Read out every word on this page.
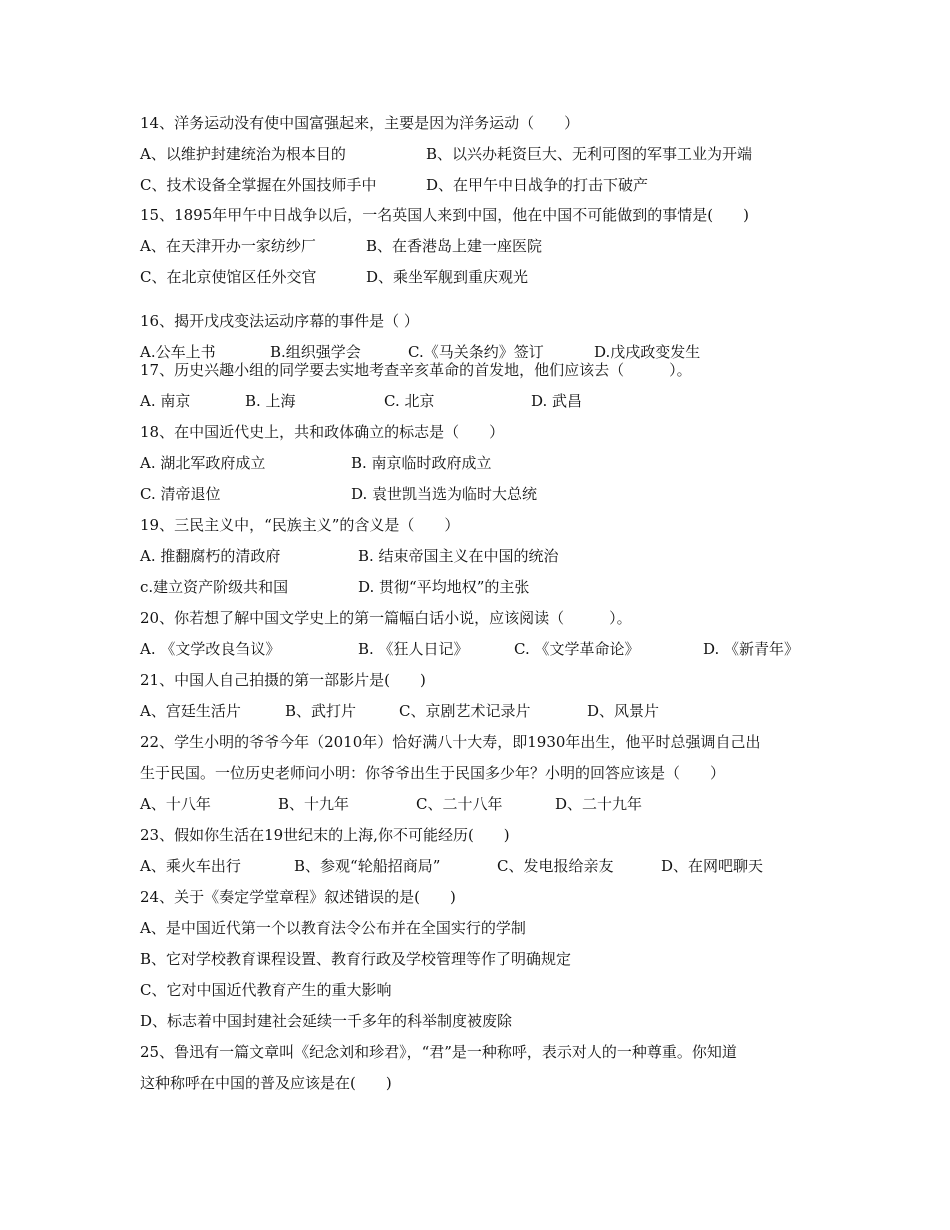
14、洋务运动没有使中国富强起来，主要是因为洋务运动（　　）
A、以维护封建统治为根本目的	B、以兴办耗资巨大、无利可图的军事工业为开端
C、技术设备全掌握在外国技师手中	D、在甲午中日战争的打击下破产
15、1895年甲午中日战争以后，一名英国人来到中国，他在中国不可能做到的事情是(　　)
A、在天津开办一家纺纱厂	B、在香港岛上建一座医院
C、在北京使馆区任外交官	D、乘坐军舰到重庆观光
16、揭开戊戌变法运动序幕的事件是（ ）
A.公车上书	B.组织强学会	C.《马关条约》签订	D.戊戌政变发生
17、历史兴趣小组的同学要去实地考查辛亥革命的首发地，他们应该去（　　　）。
A. 南京	B. 上海	C. 北京	D. 武昌
18、在中国近代史上，共和政体确立的标志是（　　）
A. 湖北军政府成立	B. 南京临时政府成立
C. 清帝退位	D. 袁世凯当选为临时大总统
19、三民主义中，“民族主义”的含义是（　　）
A. 推翻腐朽的清政府	B. 结束帝国主义在中国的统治
c.建立资产阶级共和国	D. 贯彻“平均地权”的主张
20、你若想了解中国文学史上的第一篇幅白话小说，应该阅读（　　　）。
A. 《文学改良刍议》	B. 《狂人日记》	C. 《文学革命论》	D. 《新青年》
21、中国人自己拍摄的第一部影片是(　　)
A、宫廷生活片	B、武打片	C、京剧艺术记录片	D、风景片
22、学生小明的爷爷今年（2010年）恰好满八十大寿，即1930年出生，他平时总强调自己出
生于民国。一位历史老师问小明：你爷爷出生于民国多少年？小明的回答应该是（　　）
A、十八年	B、十九年	C、二十八年	D、二十九年
23、假如你生活在19世纪末的上海,你不可能经历(　　)
A、乘火车出行	B、参观“轮船招商局”	C、发电报给亲友	D、在网吧聊天
24、关于《奏定学堂章程》叙述错误的是(　　)
A、是中国近代第一个以教育法令公布并在全国实行的学制
B、它对学校教育课程设置、教育行政及学校管理等作了明确规定
C、它对中国近代教育产生的重大影响
D、标志着中国封建社会延续一千多年的科举制度被废除
25、鲁迅有一篇文章叫《纪念刘和珍君》，“君”是一种称呼，表示对人的一种尊重。你知道
这种称呼在中国的普及应该是在(　　)
